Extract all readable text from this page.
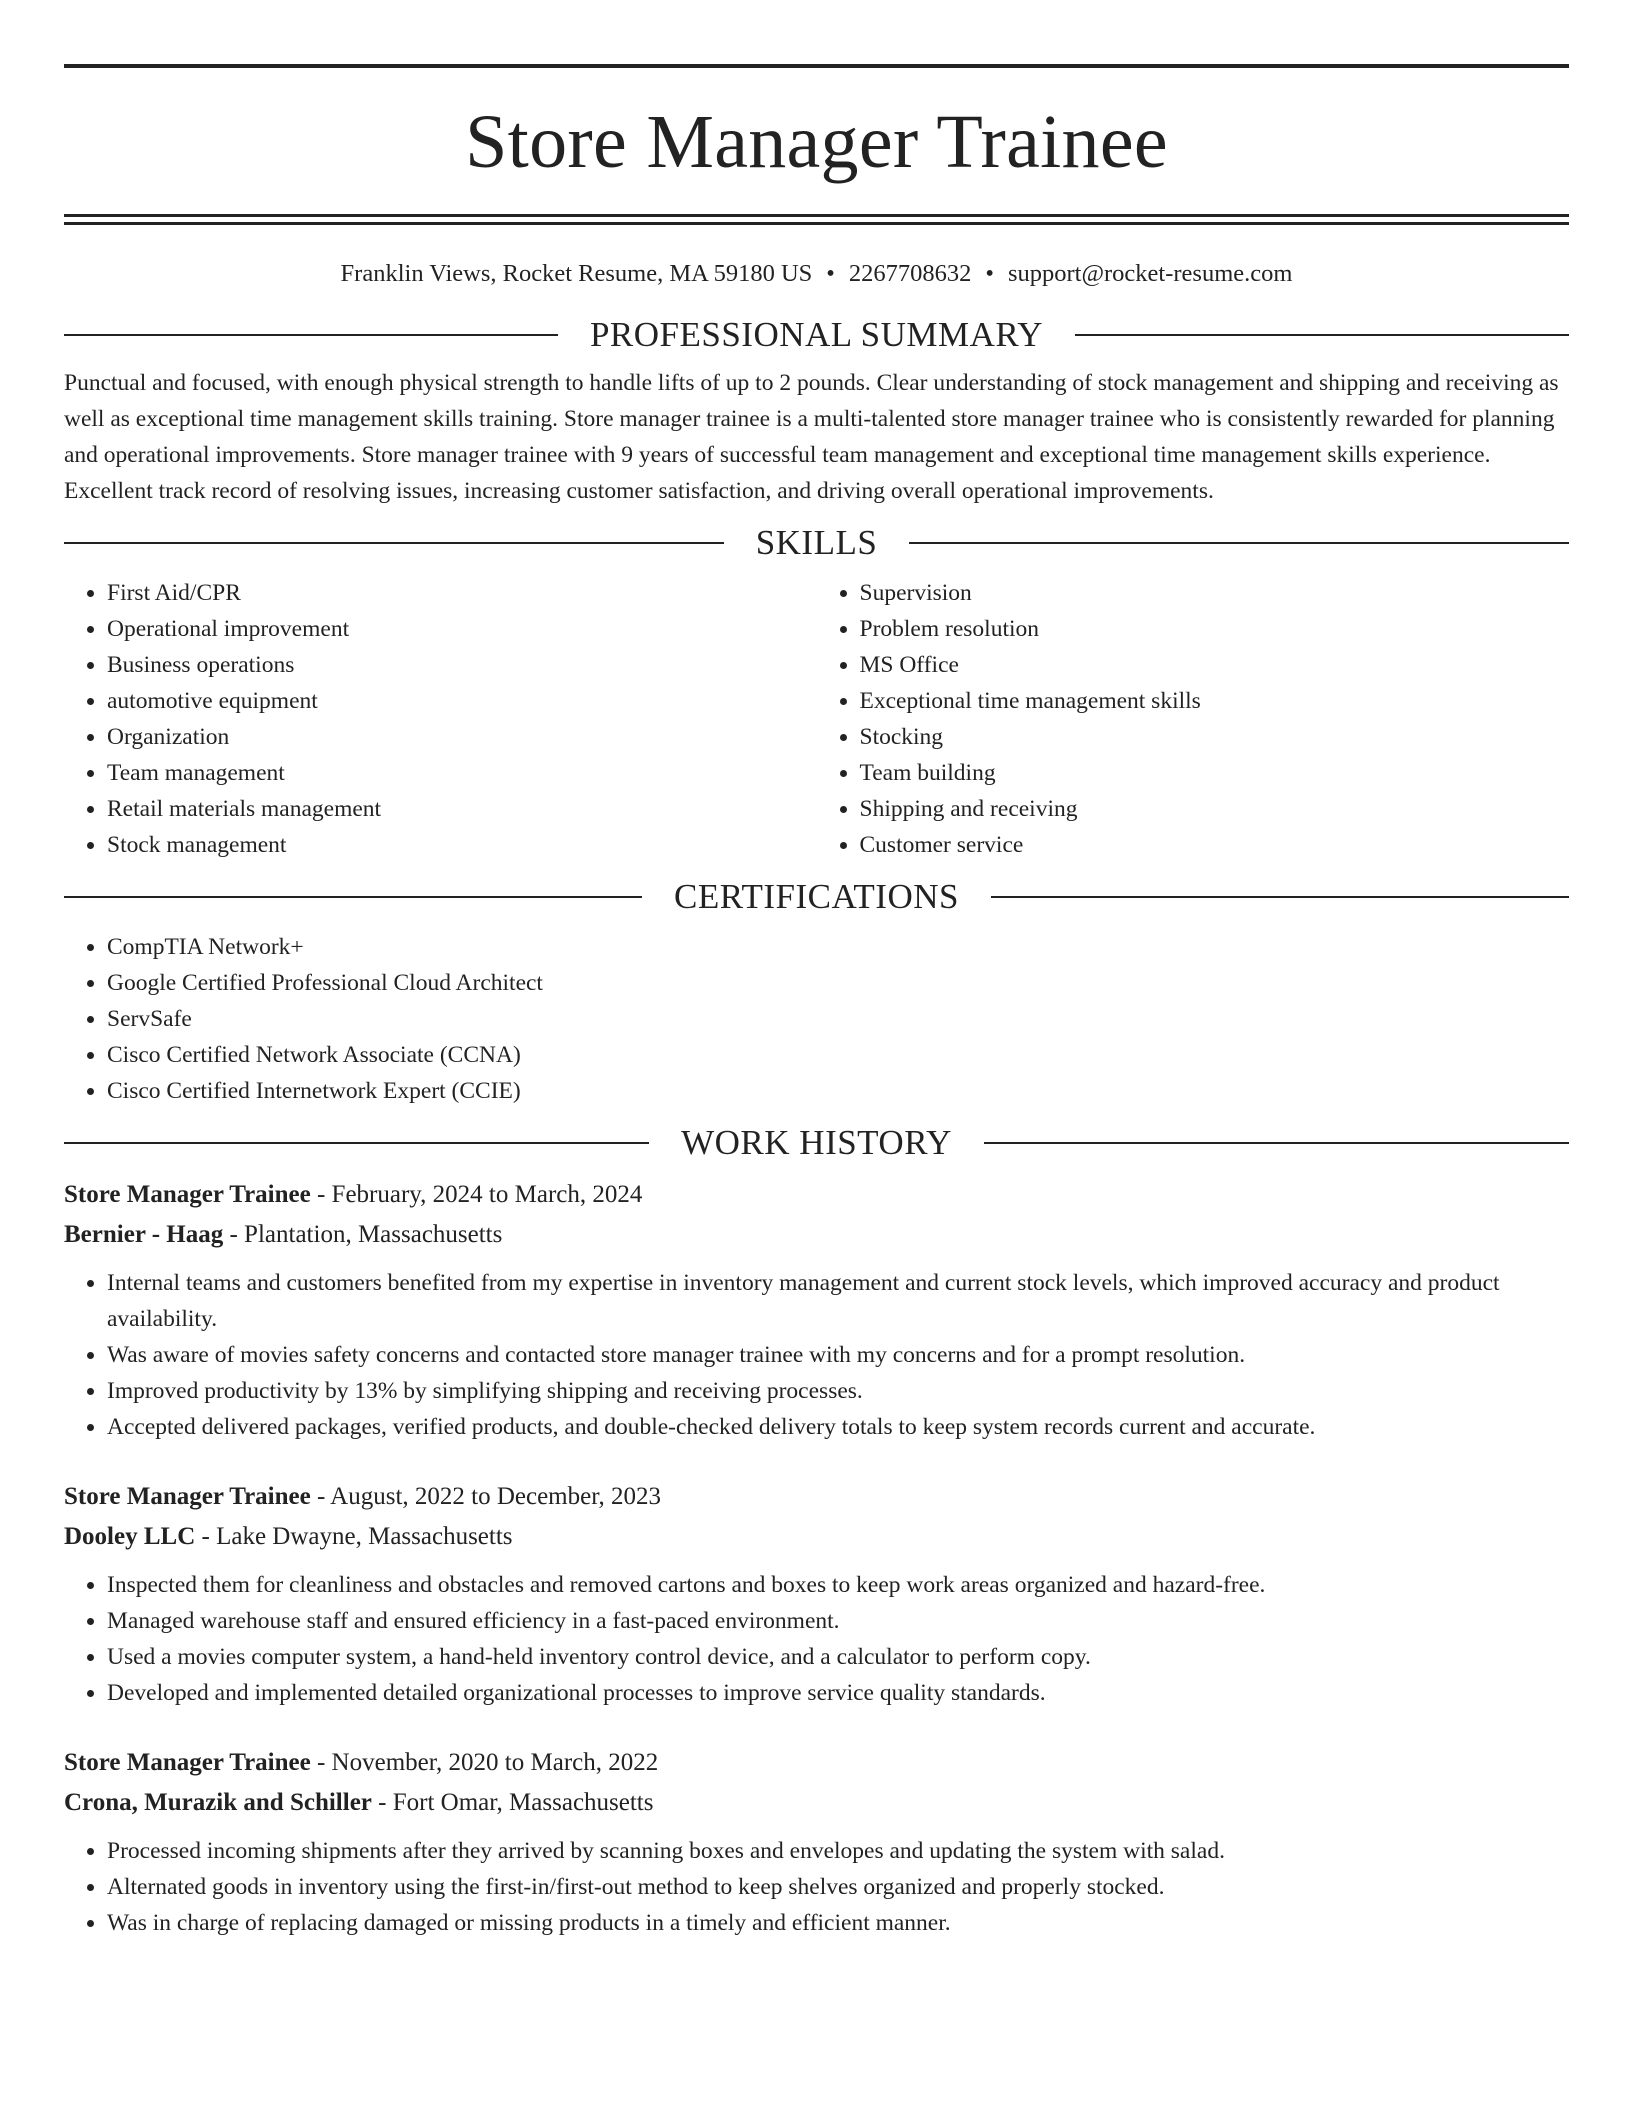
Store Manager Trainee
Franklin Views, Rocket Resume, MA 59180 US • 2267708632 • support@rocket-resume.com
PROFESSIONAL SUMMARY

Punctual and focused, with enough physical strength to handle lifts of up to 2 pounds. Clear understanding of stock management and shipping and receiving as well as exceptional time management skills training. Store manager trainee is a multi-talented store manager trainee who is consistently rewarded for planning and operational improvements. Store manager trainee with 9 years of successful team management and exceptional time management skills experience. Excellent track record of resolving issues, increasing customer satisfaction, and driving overall operational improvements.

SKILLS
• First Aid/CPR
• Operational improvement
• Business operations
• automotive equipment
• Organization
• Team management
• Retail materials management
• Stock management
• Supervision
• Problem resolution
• MS Office
• Exceptional time management skills
• Stocking
• Team building
• Shipping and receiving
• Customer service
CERTIFICATIONS
• CompTIA Network+
• Google Certified Professional Cloud Architect
• ServSafe
• Cisco Certified Network Associate (CCNA)
• Cisco Certified Internetwork Expert (CCIE)
WORK HISTORY
Store Manager Trainee - February, 2024 to March, 2024
Bernier - Haag - Plantation, Massachusetts
• Internal teams and customers benefited from my expertise in inventory management and current stock levels, which improved accuracy and product availability.
• Was aware of movies safety concerns and contacted store manager trainee with my concerns and for a prompt resolution.
• Improved productivity by 13% by simplifying shipping and receiving processes.
• Accepted delivered packages, verified products, and double-checked delivery totals to keep system records current and accurate.
Store Manager Trainee - August, 2022 to December, 2023
Dooley LLC - Lake Dwayne, Massachusetts
• Inspected them for cleanliness and obstacles and removed cartons and boxes to keep work areas organized and hazard-free.
• Managed warehouse staff and ensured efficiency in a fast-paced environment.
• Used a movies computer system, a hand-held inventory control device, and a calculator to perform copy.
• Developed and implemented detailed organizational processes to improve service quality standards.
Store Manager Trainee - November, 2020 to March, 2022
Crona, Murazik and Schiller - Fort Omar, Massachusetts
• Processed incoming shipments after they arrived by scanning boxes and envelopes and updating the system with salad.
• Alternated goods in inventory using the first-in/first-out method to keep shelves organized and properly stocked.
• Was in charge of replacing damaged or missing products in a timely and efficient manner.
